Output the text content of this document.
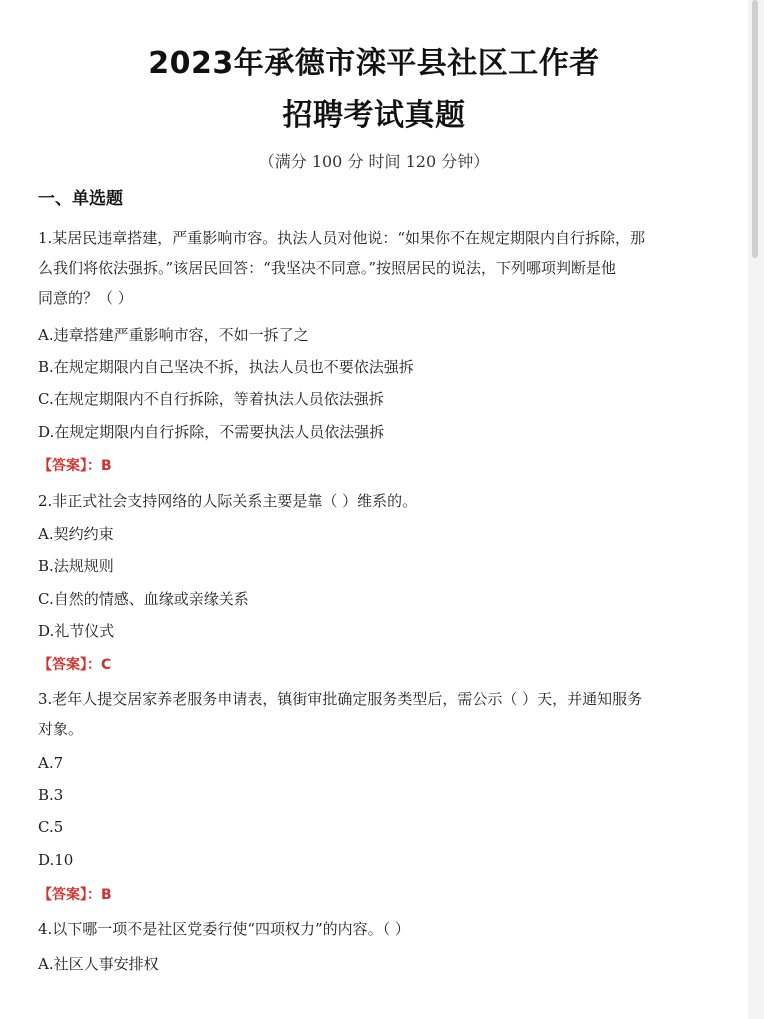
2023年承德市滦平县社区工作者
招聘考试真题
（满分 100 分 时间 120 分钟）
一、单选题
1.某居民违章搭建，严重影响市容。执法人员对他说：“如果你不在规定期限内自行拆除，那
么我们将依法强拆。”该居民回答：“我坚决不同意。”按照居民的说法，下列哪项判断是他
同意的？（ ）
A.违章搭建严重影响市容，不如一拆了之
B.在规定期限内自己坚决不拆，执法人员也不要依法强拆
C.在规定期限内不自行拆除，等着执法人员依法强拆
D.在规定期限内自行拆除，不需要执法人员依法强拆
【答案】：B
2.非正式社会支持网络的人际关系主要是靠（ ）维系的。
A.契约约束
B.法规规则
C.自然的情感、血缘或亲缘关系
D.礼节仪式
【答案】：C
3.老年人提交居家养老服务申请表，镇街审批确定服务类型后，需公示（ ）天，并通知服务
对象。
A.7
B.3
C.5
D.10
【答案】：B
4.以下哪一项不是社区党委行使“四项权力”的内容。（ ）
A.社区人事安排权
